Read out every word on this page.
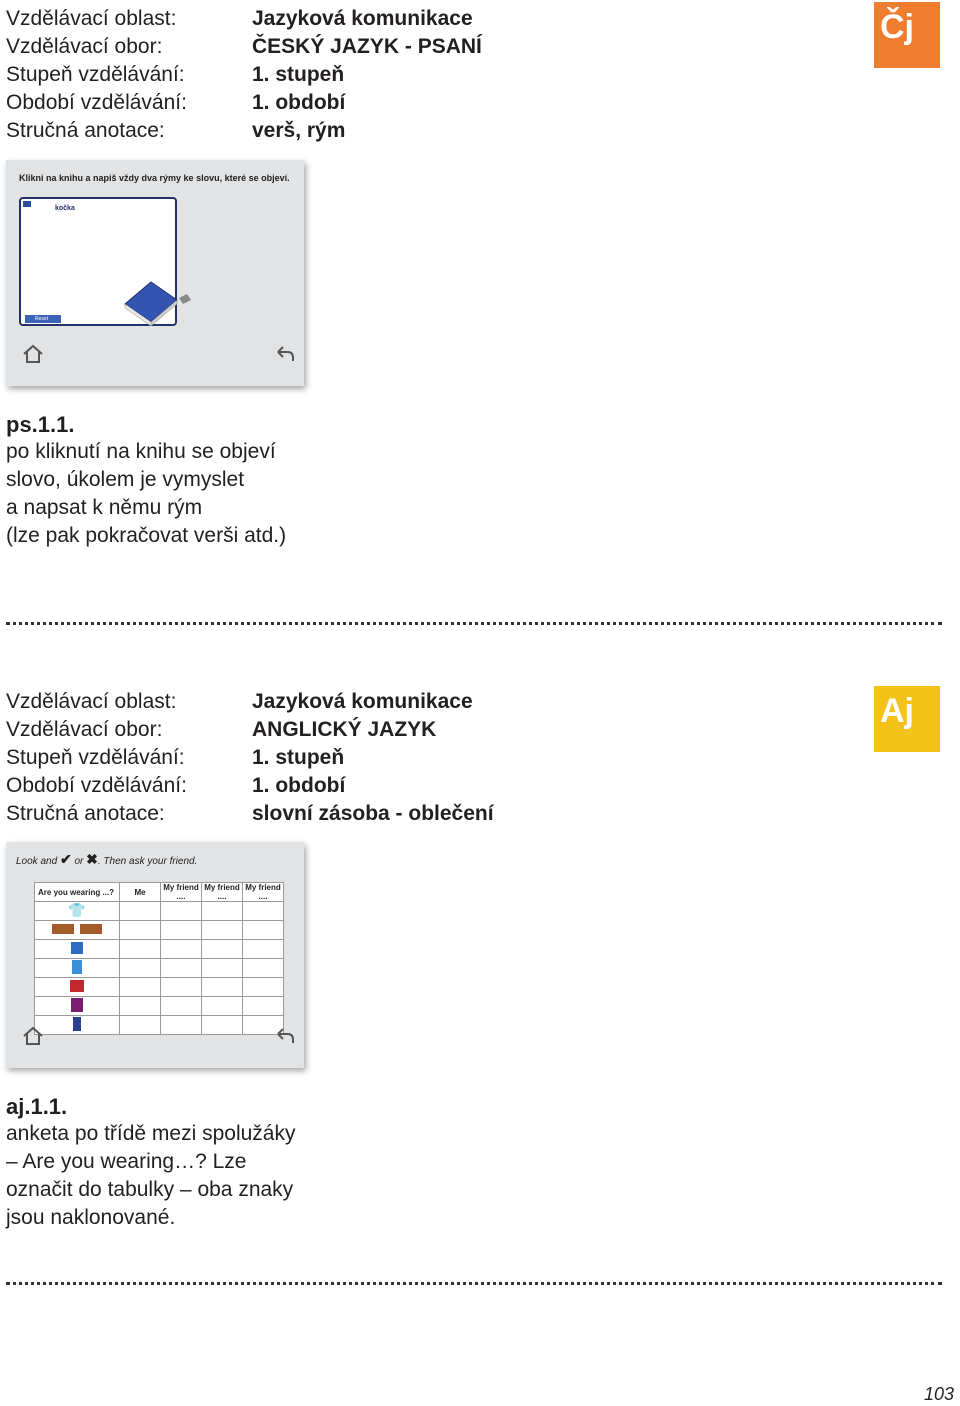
Vzdělávací oblast:	Jazyková komunikace
Vzdělávací obor:	ČESKÝ JAZYK - PSANÍ
Stupeň vzdělávání:	1. stupeň
Období vzdělávání:	1. období
Stručná anotace:	verš, rým
Čj
Klikni na knihu a napiš vždy dva rýmy ke slovu, které se objeví.
kočka
Reset
ps.1.1.
po kliknutí na knihu se objeví
slovo, úkolem je vymyslet
a napsat k němu rým
(lze pak pokračovat verši atd.)
Vzdělávací oblast:	Jazyková komunikace
Vzdělávací obor:	ANGLICKÝ JAZYK
Stupeň vzdělávání:	1. stupeň
Období vzdělávání:	1. období
Stručná anotace:	slovní zásoba - oblečení
Aj
Look and ✔ or ✖. Then ask your friend.
Are you wearing ...?	Me	My friend ....	My friend ....	My friend ....
👕				

aj.1.1.
anketa po třídě mezi spolužáky
– Are you wearing…? Lze
označit do tabulky – oba znaky
jsou naklonované.
103
